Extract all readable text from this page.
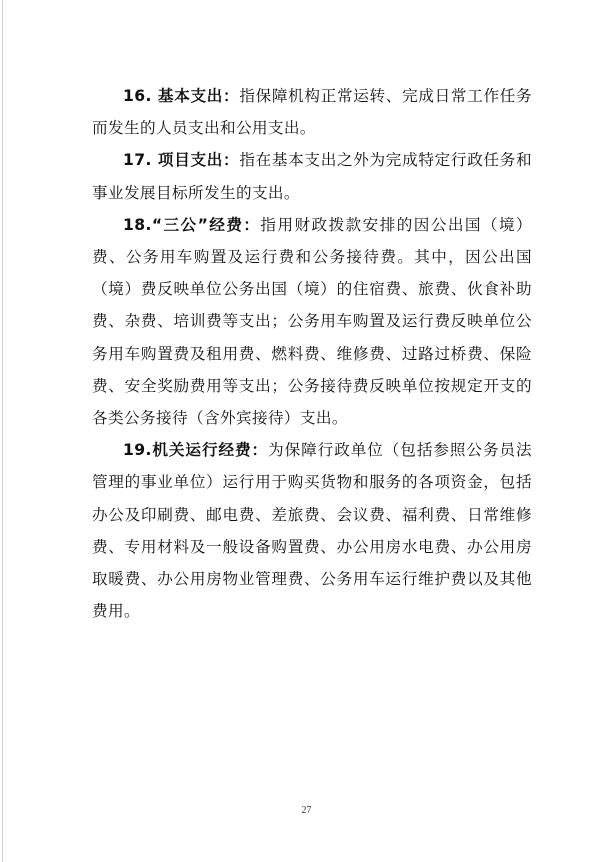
16. 基本支出：指保障机构正常运转、完成日常工作任务而发生的人员支出和公用支出。

17. 项目支出：指在基本支出之外为完成特定行政任务和事业发展目标所发生的支出。

18.“三公”经费：指用财政拨款安排的因公出国（境）费、公务用车购置及运行费和公务接待费。其中，因公出国（境）费反映单位公务出国（境）的住宿费、旅费、伙食补助费、杂费、培训费等支出；公务用车购置及运行费反映单位公务用车购置费及租用费、燃料费、维修费、过路过桥费、保险费、安全奖励费用等支出；公务接待费反映单位按规定开支的各类公务接待（含外宾接待）支出。

19.机关运行经费：为保障行政单位（包括参照公务员法管理的事业单位）运行用于购买货物和服务的各项资金，包括办公及印刷费、邮电费、差旅费、会议费、福利费、日常维修费、专用材料及一般设备购置费、办公用房水电费、办公用房取暖费、办公用房物业管理费、公务用车运行维护费以及其他费用。

27
